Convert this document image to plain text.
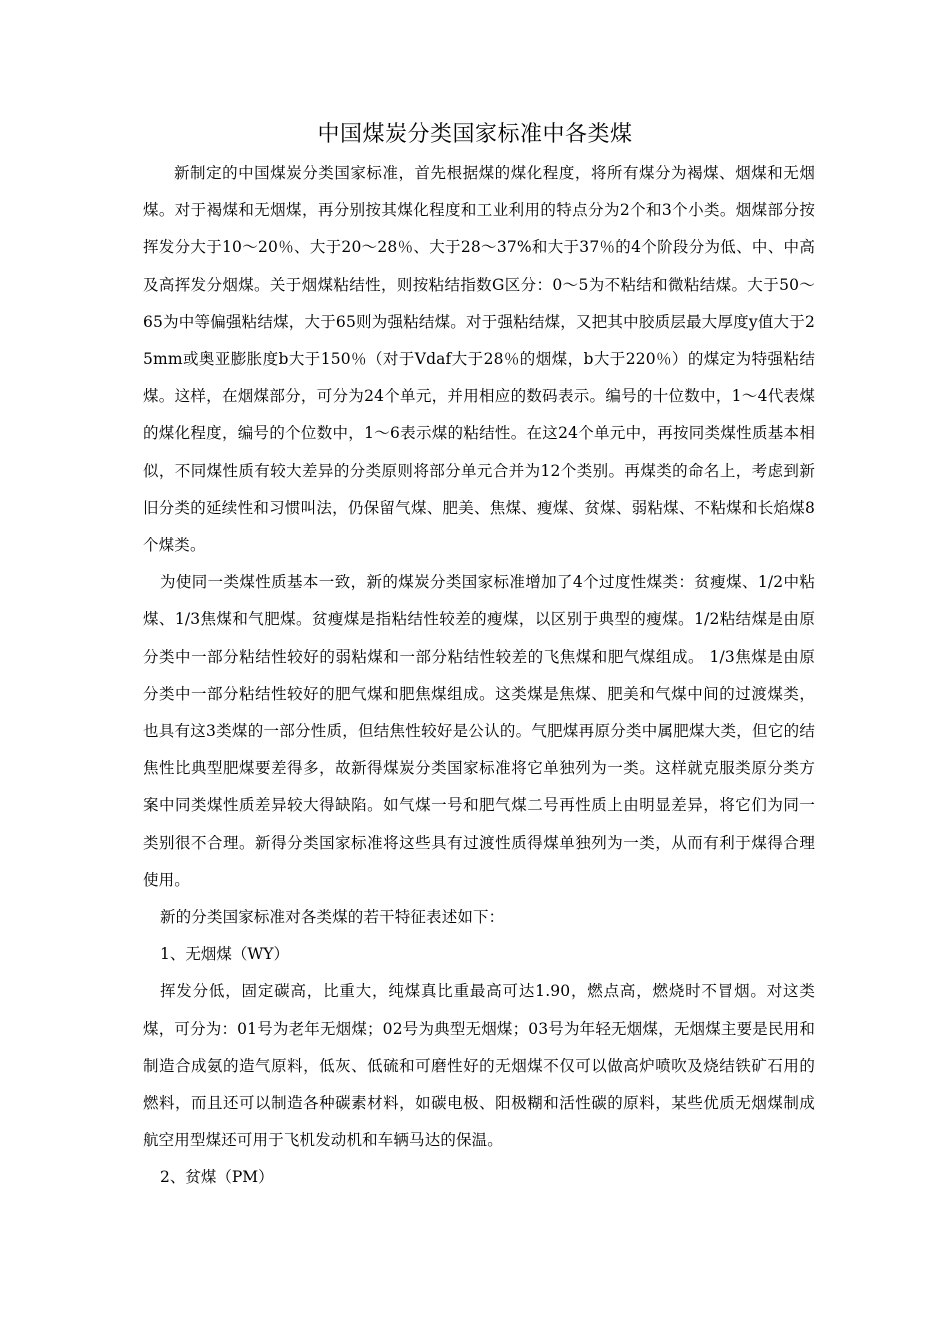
中国煤炭分类国家标准中各类煤

新制定的中国煤炭分类国家标准，首先根据煤的煤化程度，将所有煤分为褐煤、烟煤和无烟煤。对于褐煤和无烟煤，再分别按其煤化程度和工业利用的特点分为2个和3个小类。烟煤部分按挥发分大于10～20％、大于20～28％、大于28～37%和大于37％的4个阶段分为低、中、中高及高挥发分烟煤。关于烟煤粘结性，则按粘结指数G区分：0～5为不粘结和微粘结煤。大于50～65为中等偏强粘结煤，大于65则为强粘结煤。对于强粘结煤，又把其中胶质层最大厚度y值大于25mm或奥亚膨胀度b大于150％（对于Vdaf大于28％的烟煤，b大于220％）的煤定为特强粘结煤。这样，在烟煤部分，可分为24个单元，并用相应的数码表示。编号的十位数中，1～4代表煤的煤化程度，编号的个位数中，1～6表示煤的粘结性。在这24个单元中，再按同类煤性质基本相似，不同煤性质有较大差异的分类原则将部分单元合并为12个类别。再煤类的命名上，考虑到新旧分类的延续性和习惯叫法，仍保留气煤、肥美、焦煤、瘦煤、贫煤、弱粘煤、不粘煤和长焰煤8个煤类。

为使同一类煤性质基本一致，新的煤炭分类国家标准增加了4个过度性煤类：贫瘦煤、1/2中粘煤、1/3焦煤和气肥煤。贫瘦煤是指粘结性较差的瘦煤，以区别于典型的瘦煤。1/2粘结煤是由原分类中一部分粘结性较好的弱粘煤和一部分粘结性较差的飞焦煤和肥气煤组成。 1/3焦煤是由原分类中一部分粘结性较好的肥气煤和肥焦煤组成。这类煤是焦煤、肥美和气煤中间的过渡煤类，也具有这3类煤的一部分性质，但结焦性较好是公认的。气肥煤再原分类中属肥煤大类，但它的结焦性比典型肥煤要差得多，故新得煤炭分类国家标准将它单独列为一类。这样就克服类原分类方案中同类煤性质差异较大得缺陷。如气煤一号和肥气煤二号再性质上由明显差异，将它们为同一类别很不合理。新得分类国家标准将这些具有过渡性质得煤单独列为一类，从而有利于煤得合理使用。

新的分类国家标准对各类煤的若干特征表述如下：

1、无烟煤（WY）

挥发分低，固定碳高，比重大，纯煤真比重最高可达1.90，燃点高，燃烧时不冒烟。对这类煤，可分为：01号为老年无烟煤；02号为典型无烟煤；03号为年轻无烟煤，无烟煤主要是民用和制造合成氨的造气原料，低灰、低硫和可磨性好的无烟煤不仅可以做高炉喷吹及烧结铁矿石用的燃料，而且还可以制造各种碳素材料，如碳电极、阳极糊和活性碳的原料，某些优质无烟煤制成航空用型煤还可用于飞机发动机和车辆马达的保温。

2、贫煤（PM）
